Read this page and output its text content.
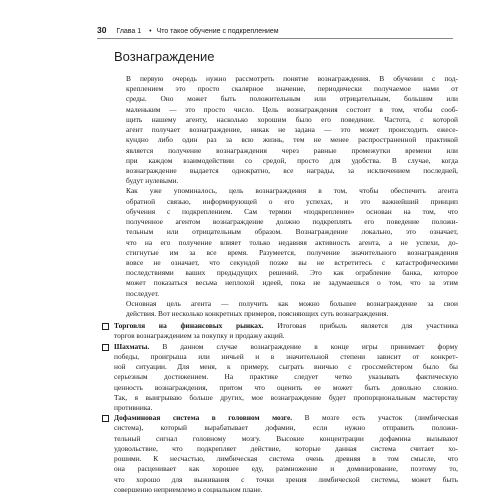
30 Глава 1 • Что такое обучение с подкреплением
Вознаграждение
В первую очередь нужно рассмотреть понятие вознаграждения. В обучении с под-
креплением это просто скалярное значение, периодически получаемое нами от
среды. Оно может быть положительным или отрицательным, большим или
маленьким — это просто число. Цель вознаграждения состоит в том, чтобы сооб-
щить нашему агенту, насколько хорошим было его поведение. Частота, с которой
агент получает вознаграждение, никак не задана — это может происходить ежесе-
кундно либо один раз за всю жизнь, тем не менее распространенной практикой
является получение вознаграждения через равные промежутки времени или
при каждом взаимодействии со средой, просто для удобства. В случае, когда
вознаграждение выдается однократно, все награды, за исключением последней,
будут нулевыми.
Как уже упоминалось, цель вознаграждения в том, чтобы обеспечить агента
обратной связью, информирующей о его успехах, и это важнейший принцип
обучения с подкреплением. Сам термин «подкрепление» основан на том, что
полученное агентом вознаграждение должно подкреплять его поведение положи-
тельным или отрицательным образом. Вознаграждение локально, это означает,
что на его получение влияет только недавняя активность агента, а не успехи, до-
стигнутые им за все время. Разумеется, получение значительного вознаграждения
вовсе не означает, что секундой позже вы не встретитесь с катастрофическими
последствиями ваших предыдущих решений. Это как ограбление банка, которое
может показаться весьма неплохой идеей, пока не задумаешься о том, что за этим
последует.
Основная цель агента — получить как можно большее вознаграждение за свои
действия. Вот несколько конкретных примеров, поясняющих суть вознаграждения.
Торговля на финансовых рынках. Итоговая прибыль является для участника
торгов вознаграждением за покупку и продажу акций.
Шахматы. В данном случае вознаграждение в конце игры принимает форму
победы, проигрыша или ничьей и в значительной степени зависит от конкрет-
ной ситуации. Для меня, к примеру, сыграть вничью с гроссмейстером было бы
серьезным достижением. На практике следует четко указывать фактическую
ценность вознаграждения, притом что оценить ее может быть довольно сложно.
Так, я выигрываю больше других, мое вознаграждение будет пропорциональным мастерству
противника.
Дофаминовая система в головном мозге. В мозге есть участок (лимбическая
система), который вырабатывает дофамин, если нужно отправить положи-
тельный сигнал головному мозгу. Высокие концентрации дофамина вызывают
удовольствие, что подкрепляет действие, которые данная система считает хо-
рошими. К несчастью, лимбическая система очень древняя в том смысле, что
она расценивает как хорошее еду, размножение и доминирование, поэтому то,
что хорошо для выживания с точки зрения лимбической системы, может быть
совершенно неприемлемо в социальном плане.
